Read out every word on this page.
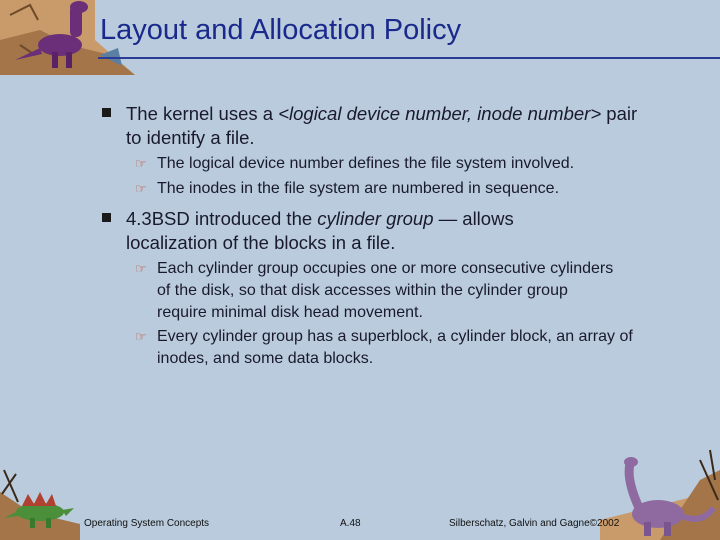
Layout and Allocation Policy
The kernel uses a <logical device number, inode number> pair to identify a file.
☞ The logical device number defines the file system involved.
☞ The inodes in the file system are numbered in sequence.
4.3BSD introduced the cylinder group — allows localization of the blocks in a file.
☞ Each cylinder group occupies one or more consecutive cylinders of the disk, so that disk accesses within the cylinder group require minimal disk head movement.
☞ Every cylinder group has a superblock, a cylinder block, an array of inodes, and some data blocks.
Operating System Concepts	A.48	Silberschatz, Galvin and Gagne©2002
